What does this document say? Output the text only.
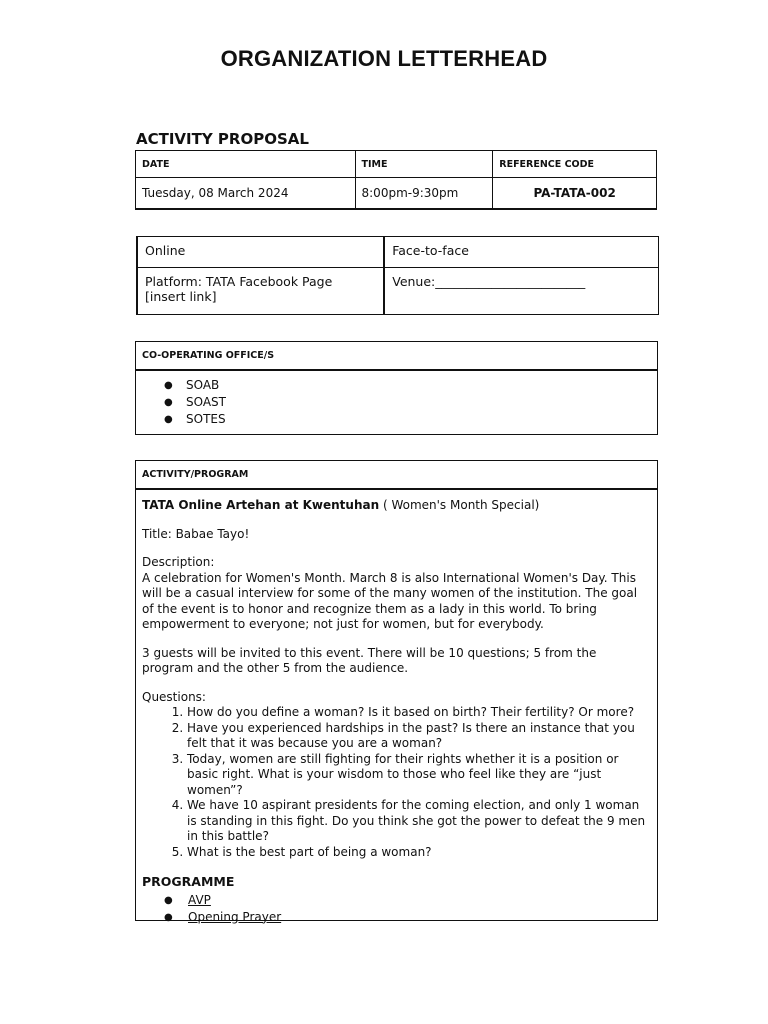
ORGANIZATION LETTERHEAD
ACTIVITY PROPOSAL
DATE	TIME	REFERENCE CODE
Tuesday, 08 March 2024	8:00pm-9:30pm	PA-TATA-002
Online	Face-to-face
Platform: TATA Facebook Page [insert link]	Venue:________________________
CO-OPERATING OFFICE/S
● SOAB
● SOAST
● SOTES
ACTIVITY/PROGRAM

TATA Online Artehan at Kwentuhan ( Women's Month Special)

Title: Babae Tayo!

Description:
A celebration for Women's Month. March 8 is also International Women's Day. This will be a casual interview for some of the many women of the institution. The goal of the event is to honor and recognize them as a lady in this world. To bring empowerment to everyone; not just for women, but for everybody.

3 guests will be invited to this event. There will be 10 questions; 5 from the program and the other 5 from the audience.

Questions:
1. How do you define a woman? Is it based on birth? Their fertility? Or more?
2. Have you experienced hardships in the past? Is there an instance that you felt that it was because you are a woman?
3. Today, women are still fighting for their rights whether it is a position or basic right. What is your wisdom to those who feel like they are “just women”?
4. We have 10 aspirant presidents for the coming election, and only 1 woman is standing in this fight. Do you think she got the power to defeat the 9 men in this battle?
5. What is the best part of being a woman?
PROGRAMME
● AVP
● Opening Prayer
